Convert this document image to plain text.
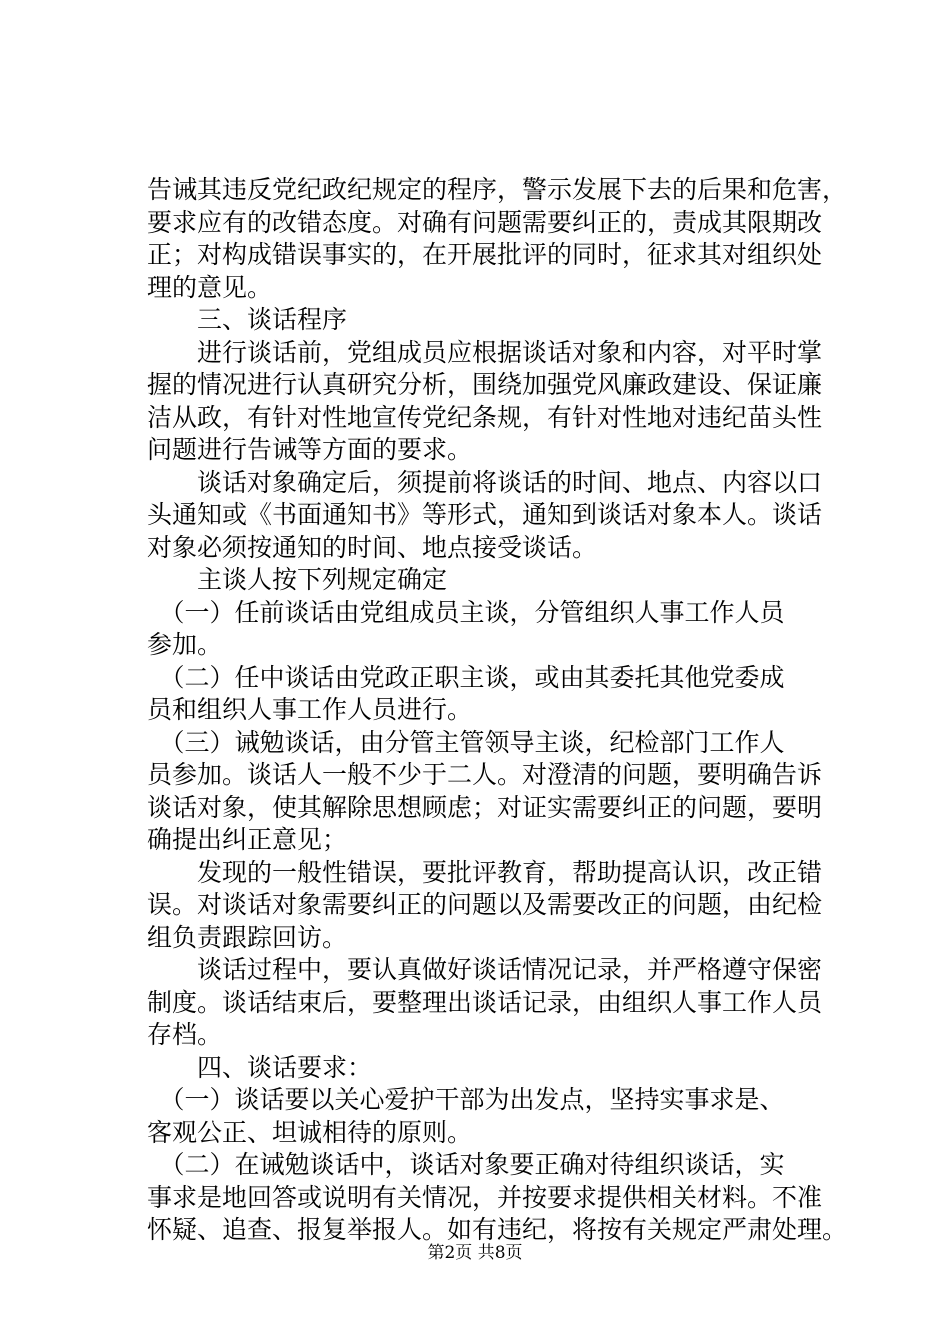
告诫其违反党纪政纪规定的程序，警示发展下去的后果和危害，
要求应有的改错态度。对确有问题需要纠正的，责成其限期改
正；对构成错误事实的，在开展批评的同时，征求其对组织处
理的意见。

　　三、谈话程序

　　进行谈话前，党组成员应根据谈话对象和内容，对平时掌
握的情况进行认真研究分析，围绕加强党风廉政建设、保证廉
洁从政，有针对性地宣传党纪条规，有针对性地对违纪苗头性
问题进行告诫等方面的要求。

　　谈话对象确定后，须提前将谈话的时间、地点、内容以口
头通知或《书面通知书》等形式，通知到谈话对象本人。谈话
对象必须按通知的时间、地点接受谈话。

　　主谈人按下列规定确定

　（一）任前谈话由党组成员主谈，分管组织人事工作人员
参加。

　（二）任中谈话由党政正职主谈，或由其委托其他党委成
员和组织人事工作人员进行。

　（三）诫勉谈话，由分管主管领导主谈，纪检部门工作人
员参加。谈话人一般不少于二人。对澄清的问题，要明确告诉
谈话对象，使其解除思想顾虑；对证实需要纠正的问题，要明
确提出纠正意见；

　　发现的一般性错误，要批评教育，帮助提高认识，改正错
误。对谈话对象需要纠正的问题以及需要改正的问题，由纪检
组负责跟踪回访。

　　谈话过程中，要认真做好谈话情况记录，并严格遵守保密
制度。谈话结束后，要整理出谈话记录，由组织人事工作人员
存档。

　　四、谈话要求：

　（一）谈话要以关心爱护干部为出发点，坚持实事求是、
客观公正、坦诚相待的原则。

　（二）在诫勉谈话中，谈话对象要正确对待组织谈话，实
事求是地回答或说明有关情况，并按要求提供相关材料。不准
怀疑、追查、报复举报人。如有违纪，将按有关规定严肃处理。

第2页 共8页
